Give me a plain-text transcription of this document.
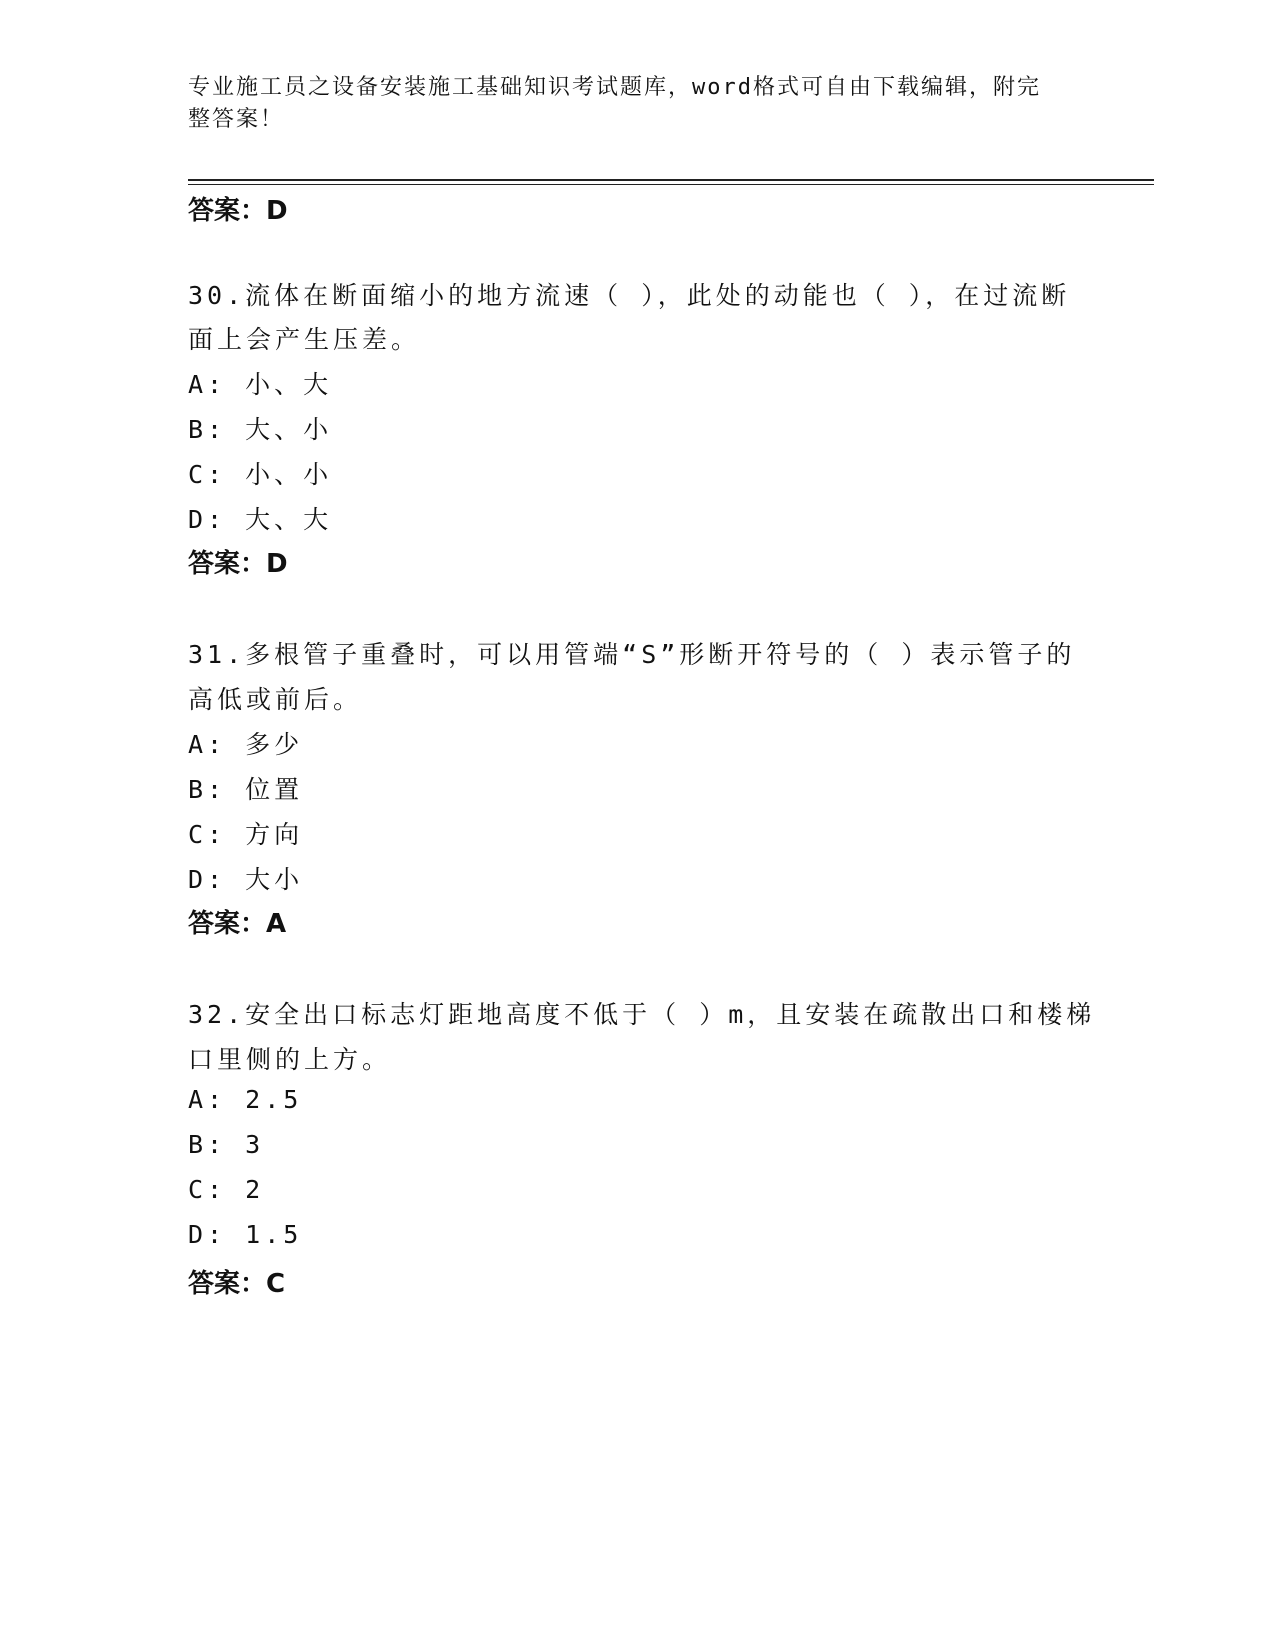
专业施工员之设备安装施工基础知识考试题库，word格式可自由下载编辑，附完
整答案！
答案：D
30.流体在断面缩小的地方流速（ ），此处的动能也（ ），在过流断
面上会产生压差。
A: 小、大
B: 大、小
C: 小、小
D: 大、大
答案：D
31.多根管子重叠时，可以用管端“S”形断开符号的（ ）表示管子的
高低或前后。
A: 多少
B: 位置
C: 方向
D: 大小
答案：A
32.安全出口标志灯距地高度不低于（ ）m，且安装在疏散出口和楼梯
口里侧的上方。
A: 2.5
B: 3
C: 2
D: 1.5
答案：C
